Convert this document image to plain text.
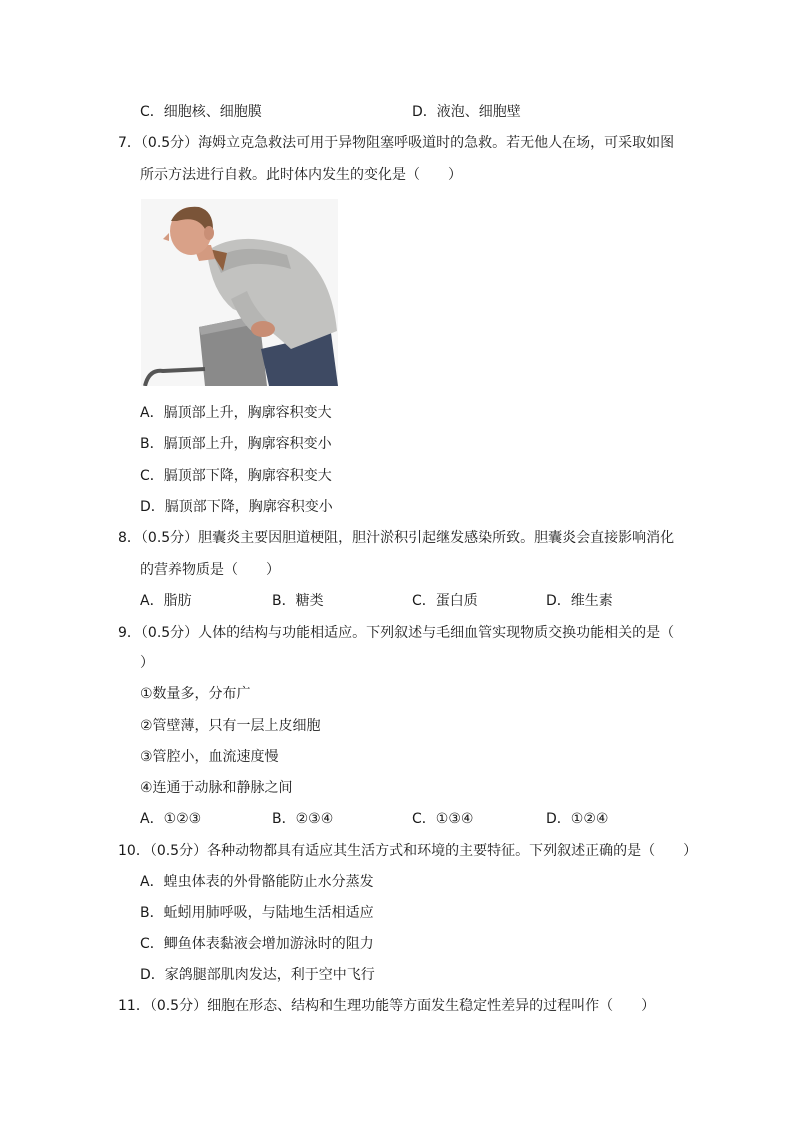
C．细胞核、细胞膜	D．液泡、细胞壁
7．（0.5分）海姆立克急救法可用于异物阻塞呼吸道时的急救。若无他人在场，可采取如图
所示方法进行自救。此时体内发生的变化是（　　）
A．膈顶部上升，胸廓容积变大
B．膈顶部上升，胸廓容积变小
C．膈顶部下降，胸廓容积变大
D．膈顶部下降，胸廓容积变小
8．（0.5分）胆囊炎主要因胆道梗阻，胆汁淤积引起继发感染所致。胆囊炎会直接影响消化
的营养物质是（　　）
A．脂肪	B．糖类	C．蛋白质	D．维生素
9．（0.5分）人体的结构与功能相适应。下列叙述与毛细血管实现物质交换功能相关的是（
）
①数量多，分布广
②管壁薄，只有一层上皮细胞
③管腔小，血流速度慢
④连通于动脉和静脉之间
A．①②③	B．②③④	C．①③④	D．①②④
10．（0.5分）各种动物都具有适应其生活方式和环境的主要特征。下列叙述正确的是（　　）
A．蝗虫体表的外骨骼能防止水分蒸发
B．蚯蚓用肺呼吸，与陆地生活相适应
C．鲫鱼体表黏液会增加游泳时的阻力
D．家鸽腿部肌肉发达，利于空中飞行
11．（0.5分）细胞在形态、结构和生理功能等方面发生稳定性差异的过程叫作（　　）
